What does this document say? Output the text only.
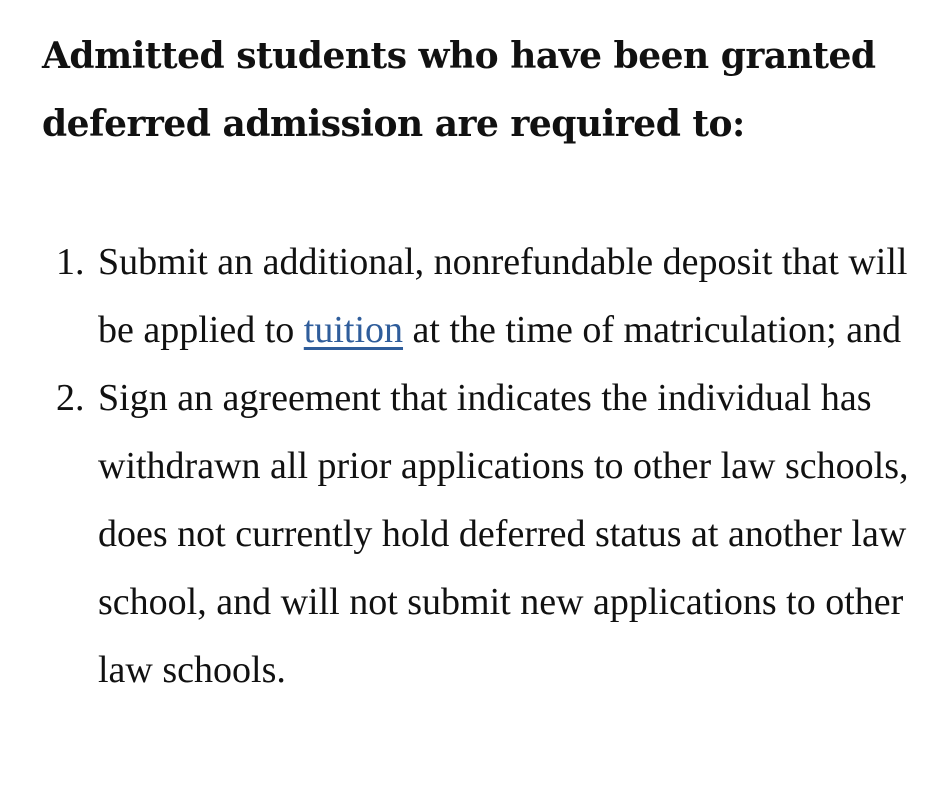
Admitted students who have been granted deferred admission are required to:
1. Submit an additional, nonrefundable deposit that will be applied to tuition at the time of matriculation; and
2. Sign an agreement that indicates the individual has withdrawn all prior applications to other law schools, does not currently hold deferred status at another law school, and will not submit new applications to other law schools.
